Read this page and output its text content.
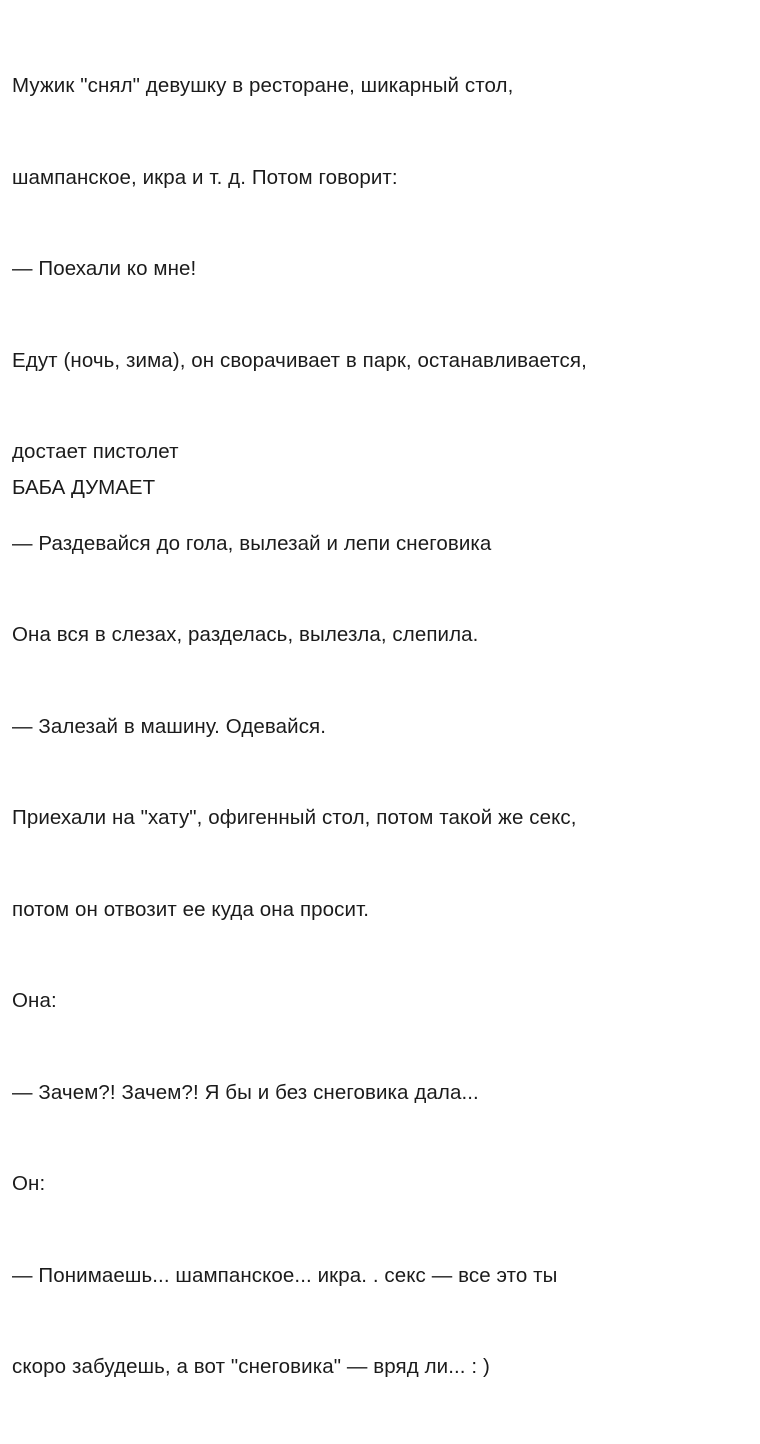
Мужик "снял" девушку в ресторане, шикарный стол,

шампанское, икра и т. д. Потом говорит:

— Поехали ко мне!

Едут (ночь, зима), он сворачивает в парк, останавливается,

достает пистолет

— Раздевайся до гола, вылезай и лепи снеговика

Она вся в слезах, разделась, вылезла, слепила.

— Залезай в машину. Одевайся.

Приехали на "хату", офигенный стол, потом такой же секс,

потом он отвозит ее куда она просит.

Она:

— Зачем?! Зачем?! Я бы и без снеговика дала...

Он:

— Понимаешь... шампанское... икра. . секс — все это ты

скоро забудешь, а вот "снеговика" — вряд ли... : )

БАБА ДУМАЕТ
